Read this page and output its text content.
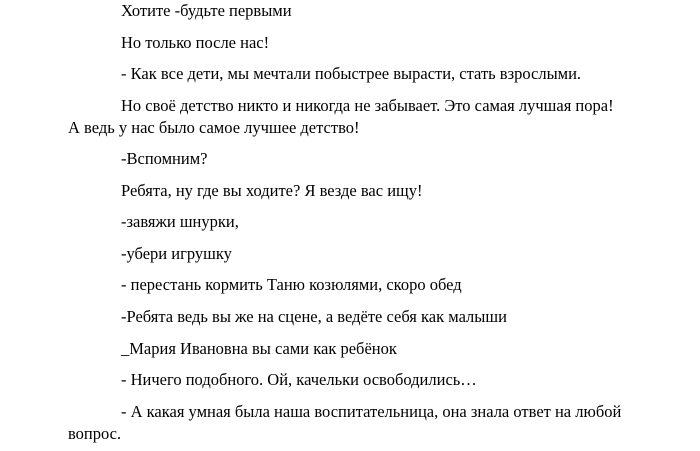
Хотите -будьте первыми
Но только после нас!
- Как все дети, мы мечтали побыстрее вырасти, стать взрослыми.
Но своё детство никто и никогда не забывает. Это самая лучшая пора!
А ведь у нас было самое лучшее детство!
-Вспомним?
Ребята, ну где вы ходите? Я везде вас ищу!
-завяжи шнурки,
-убери игрушку
- перестань кормить Таню козюлями, скоро обед
-Ребята ведь вы же на сцене, а ведёте себя как малыши
_Мария Ивановна вы сами как ребёнок
- Ничего подобного. Ой, качельки освободились…
- А какая умная была наша воспитательница, она знала ответ на любой
вопрос.
